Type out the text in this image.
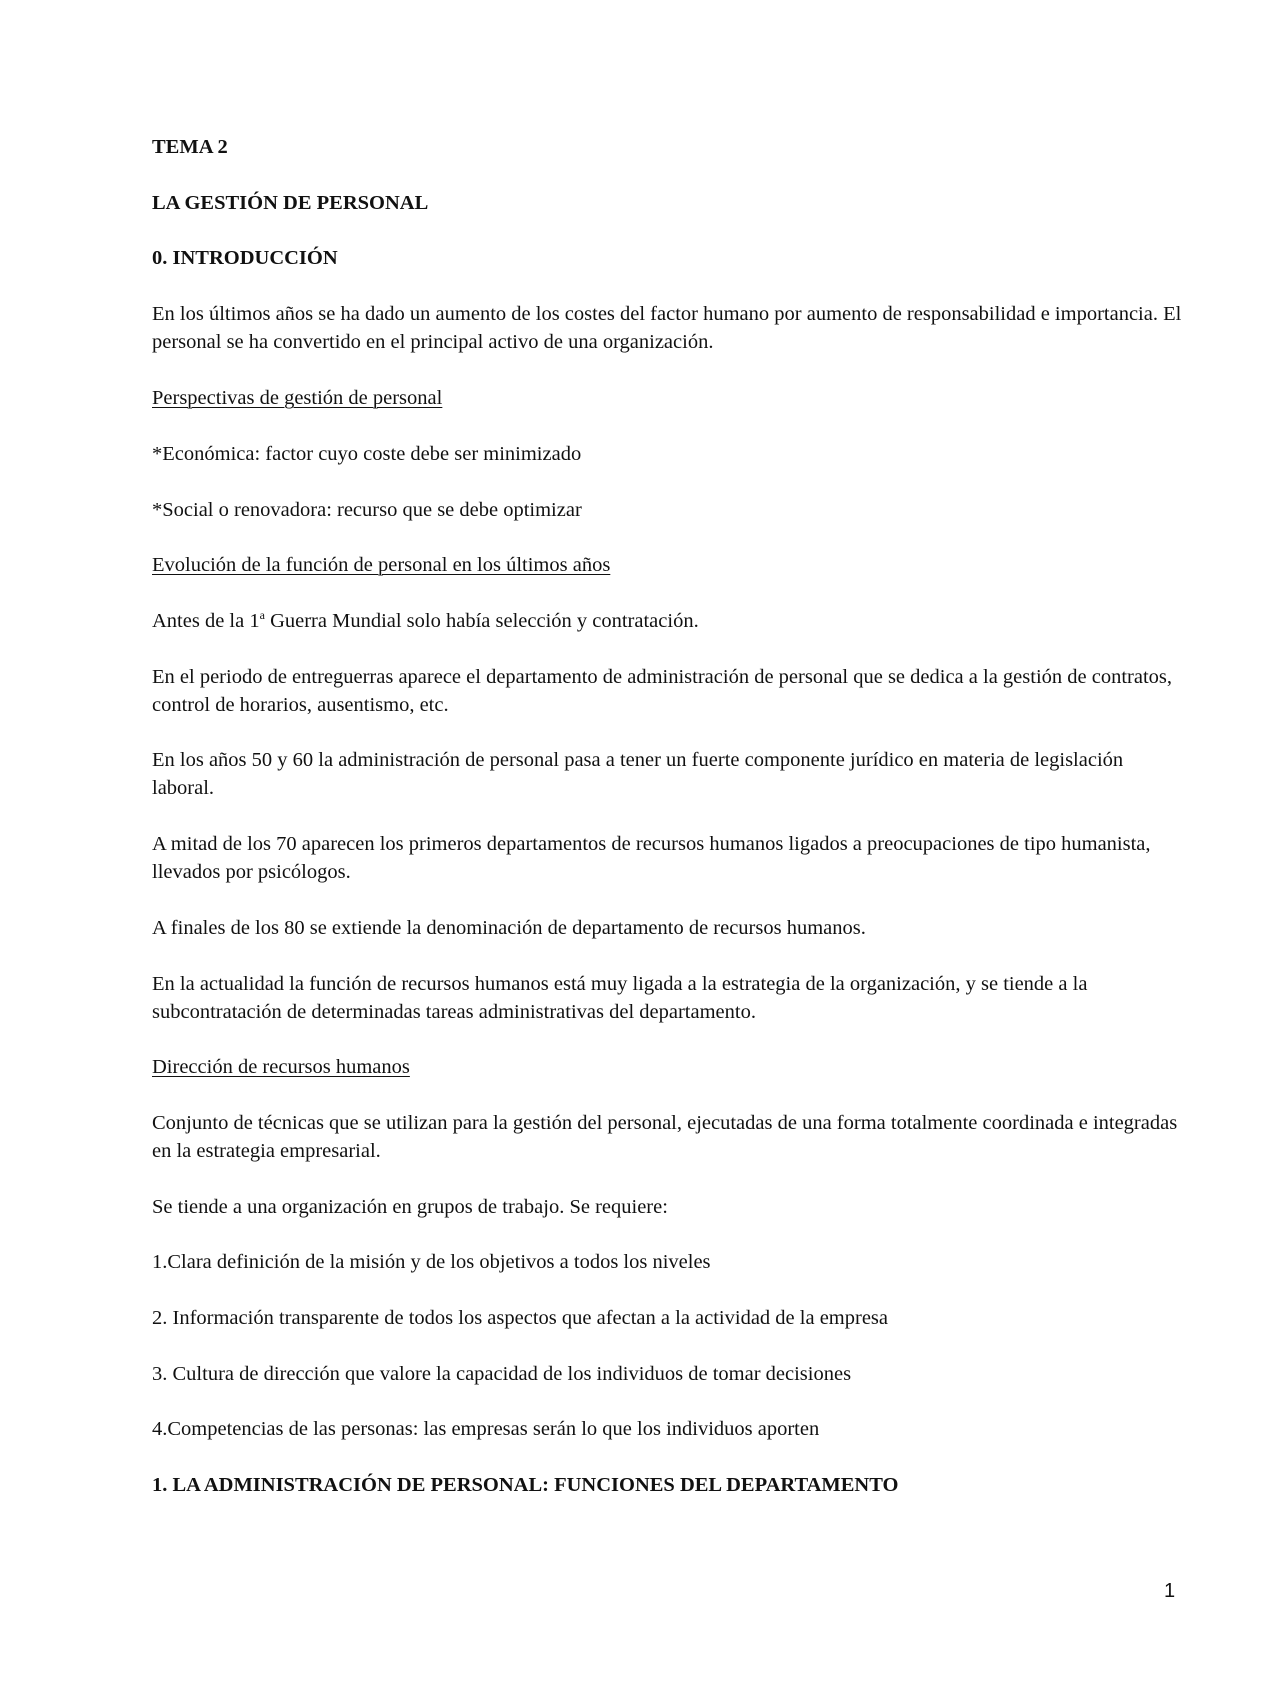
TEMA 2

LA GESTIÓN DE PERSONAL

0. INTRODUCCIÓN

En los últimos años se ha dado un aumento de los costes del factor humano por aumento de responsabilidad e importancia. El personal se ha convertido en el principal activo de una organización.

Perspectivas de gestión de personal

*Económica: factor cuyo coste debe ser minimizado

*Social o renovadora: recurso que se debe optimizar

Evolución de la función de personal en los últimos años

Antes de la 1$^a$ Guerra Mundial solo había selección y contratación.

En el periodo de entreguerras aparece el departamento de administración de personal que se dedica a la gestión de contratos, control de horarios, ausentismo, etc.

En los años 50 y 60 la administración de personal pasa a tener un fuerte componente jurídico en materia de legislación laboral.

A mitad de los 70 aparecen los primeros departamentos de recursos humanos ligados a preocupaciones de tipo humanista, llevados por psicólogos.

A finales de los 80 se extiende la denominación de departamento de recursos humanos.

En la actualidad la función de recursos humanos está muy ligada a la estrategia de la organización, y se tiende a la subcontratación de determinadas tareas administrativas del departamento.

Dirección de recursos humanos

Conjunto de técnicas que se utilizan para la gestión del personal, ejecutadas de una forma totalmente coordinada e integradas en la estrategia empresarial.

Se tiende a una organización en grupos de trabajo. Se requiere:

1.Clara definición de la misión y de los objetivos a todos los niveles

2. Información transparente de todos los aspectos que afectan a la actividad de la empresa

3. Cultura de dirección que valore la capacidad de los individuos de tomar decisiones

4.Competencias de las personas: las empresas serán lo que los individuos aporten

1. LA ADMINISTRACIÓN DE PERSONAL: FUNCIONES DEL DEPARTAMENTO

1
